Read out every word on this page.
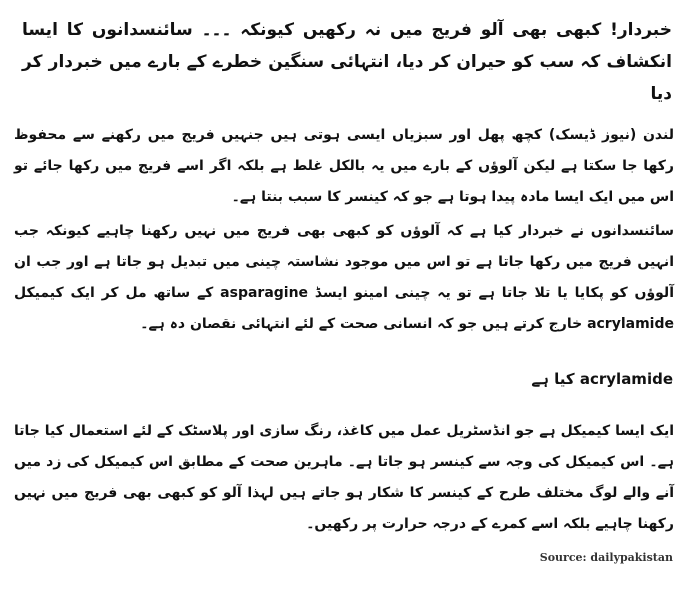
خبردار! کبھی بھی آلو فریج میں نہ رکھیں کیونکہ ۔۔۔ سائنسدانوں کا ایسا انکشاف کہ سب کو حیران کر دیا، انتہائی سنگین خطرے کے بارے میں خبردار کر دیا

لندن (نیوز ڈیسک) کچھ پھل اور سبزیاں ایسی ہوتی ہیں جنہیں فریج میں رکھنے سے محفوظ رکھا جا سکتا ہے لیکن آلوؤں کے بارے میں یہ بالکل غلط ہے بلکہ اگر اسے فریج میں رکھا جائے تو اس میں ایک ایسا مادہ پیدا ہوتا ہے جو کہ کینسر کا سبب بنتا ہے۔

سائنسدانوں نے خبردار کیا ہے کہ آلوؤں کو کبھی بھی فریج میں نہیں رکھنا چاہیے کیونکہ جب انہیں فریج میں رکھا جاتا ہے تو اس میں موجود نشاستہ چینی میں تبدیل ہو جاتا ہے اور جب ان آلوؤں کو پکایا یا تلا جاتا ہے تو یہ چینی امینو ایسڈ asparagine کے ساتھ مل کر ایک کیمیکل acrylamide خارج کرتے ہیں جو کہ انسانی صحت کے لئے انتہائی نقصان دہ ہے۔

acrylamide کیا ہے

ایک ایسا کیمیکل ہے جو انڈسٹریل عمل میں کاغذ، رنگ سازی اور پلاسٹک کے لئے استعمال کیا جاتا ہے۔ اس کیمیکل کی وجہ سے کینسر ہو جاتا ہے۔ ماہرین صحت کے مطابق اس کیمیکل کی زد میں آنے والے لوگ مختلف طرح کے کینسر کا شکار ہو جاتے ہیں لہذا آلو کو کبھی بھی فریج میں نہیں رکھنا چاہیے بلکہ اسے کمرے کے درجہ حرارت پر رکھیں۔

Source: dailypakistan
